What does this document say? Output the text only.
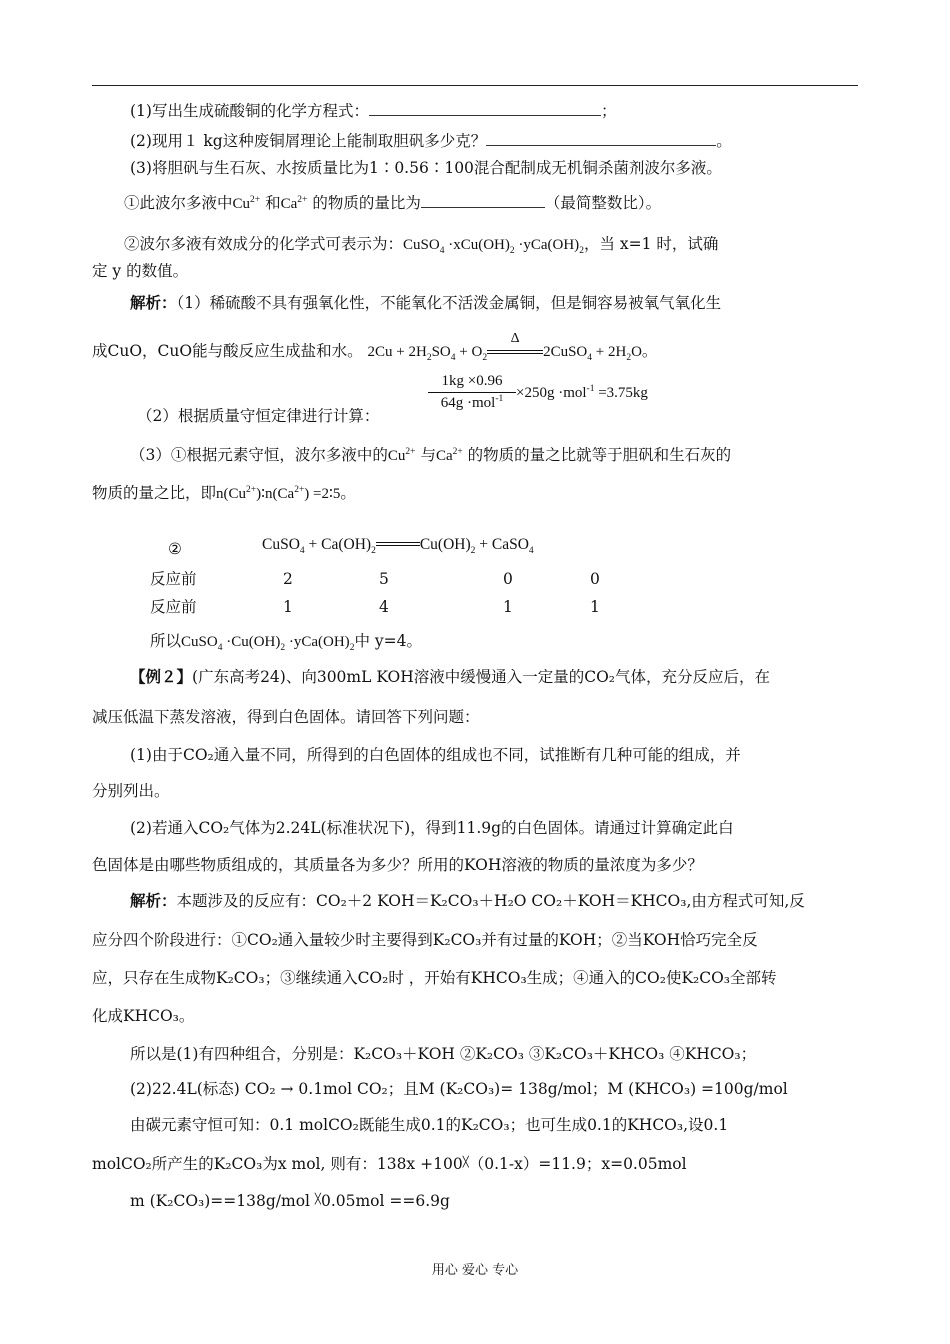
(1)写出生成硫酸铜的化学方程式：	；
(2)现用１ kg这种废铜屑理论上能制取胆矾多少克？	。
(3)将胆矾与生石灰、水按质量比为1∶0.56∶100混合配制成无机铜杀菌剂波尔多液。
①此波尔多液中$Cu^{2+}$ 和$Ca^{2+}$ 的物质的量比为	（最简整数比）。
②波尔多液有效成分的化学式可表示为：CuSO$_4$ $\cdot xCu(OH)_2 \cdot yCa(OH)_2$，当 x=1 时，试确
定 y 的数值。
解析：（1）稀硫酸不具有强氧化性，不能氧化不活泼金属铜，但是铜容易被氧气氧化生
成CuO，CuO能与酸反应生成盐和水。 $2Cu + 2H_2SO_4 + O_2$
Δ
2CuSO$_4$ + $2H_2O$。
（2）根据质量守恒定律进行计算：
1kg ×0.96
64g ·mol$^{-1}$ ×250g ·mol$^{-1}$ =3.75kg
（3）①根据元素守恒，波尔多液中的$Cu^{2+}$ 与$Ca^{2+}$ 的物质的量之比就等于胆矾和生石灰的
物质的量之比，即$n(Cu^{2+})∶n(Ca^{2+})$ =2∶5。
②	CuSO$_4$ + $Ca(OH)_2$	$Cu(OH)_2$ + CaSO$_4$
反应前	2	5	0	0
反应前	1	4	1	1
所以CuSO$_4$ $\cdot Cu(OH)_2 \cdot yCa(OH)_2$中 y=4。
【例２】(广东高考24)、向300mL KOH溶液中缓慢通入一定量的CO₂气体，充分反应后，在
减压低温下蒸发溶液，得到白色固体。请回答下列问题：
(1)由于CO₂通入量不同，所得到的白色固体的组成也不同，试推断有几种可能的组成，并
分别列出。
(2)若通入CO₂气体为2.24L(标准状况下)，得到11.9g的白色固体。请通过计算确定此白
色固体是由哪些物质组成的，其质量各为多少？所用的KOH溶液的物质的量浓度为多少？
解析：本题涉及的反应有：CO₂＋2 KOH＝K₂CO₃＋H₂O CO₂＋KOH＝KHCO₃,由方程式可知,反
应分四个阶段进行：①CO₂通入量较少时主要得到K₂CO₃并有过量的KOH；②当KOH恰巧完全反
应，只存在生成物K₂CO₃；③继续通入CO₂时 ，开始有KHCO₃生成；④通入的CO₂使K₂CO₃全部转
化成KHCO₃。
所以是(1)有四种组合，分别是：K₂CO₃＋KOH ②K₂CO₃ ③K₂CO₃＋KHCO₃ ④KHCO₃；
(2)22.4L(标态) CO₂ → 0.1mol CO₂；且M (K₂CO₃)= 138g/mol；M (KHCO₃) =100g/mol
由碳元素守恒可知：0.1 molCO₂既能生成0.1的K₂CO₃；也可生成0.1的KHCO₃,设0.1
molCO₂所产生的K₂CO₃为x mol, 则有：138x +100╳（0.1-x）=11.9；x=0.05mol
m (K₂CO₃)==138g/mol ╳0.05mol ==6.9g
用心 爱心 专心
